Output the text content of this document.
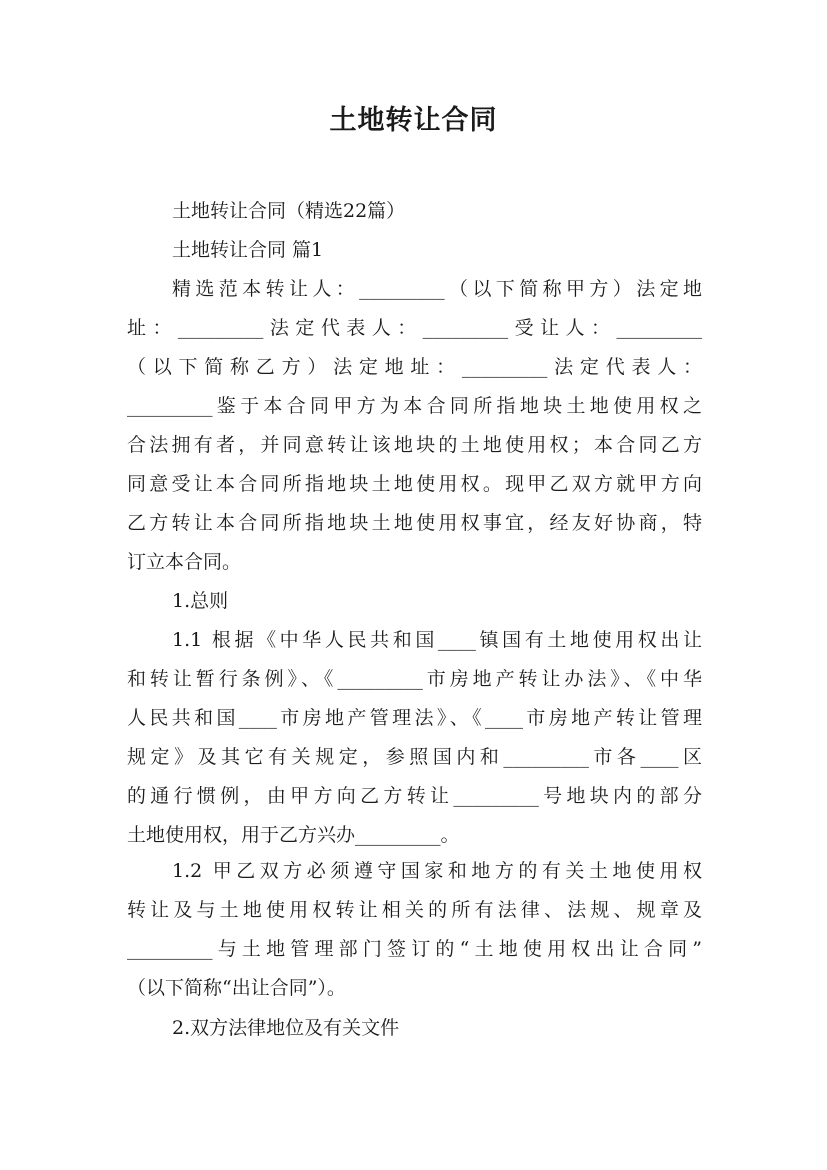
土地转让合同

土地转让合同（精选22篇）

土地转让合同 篇1

精选范本转让人：_________（以下简称甲方）法定地

址：_________法定代表人：_________受让人：_________

（以下简称乙方）法定地址：_________法定代表人：

_________鉴于本合同甲方为本合同所指地块土地使用权之

合法拥有者，并同意转让该地块的土地使用权；本合同乙方

同意受让本合同所指地块土地使用权。现甲乙双方就甲方向

乙方转让本合同所指地块土地使用权事宜，经友好协商，特

订立本合同。

1.总则

1.1 根据《中华人民共和国____镇国有土地使用权出让

和转让暂行条例》、《_________市房地产转让办法》、《中华

人民共和国____市房地产管理法》、《____市房地产转让管理

规定》及其它有关规定，参照国内和_________市各____区

的通行惯例，由甲方向乙方转让_________号地块内的部分

土地使用权，用于乙方兴办_________。

1.2 甲乙双方必须遵守国家和地方的有关土地使用权

转让及与土地使用权转让相关的所有法律、法规、规章及

_________与土地管理部门签订的“土地使用权出让合同”

（以下简称“出让合同”）。

2.双方法律地位及有关文件
